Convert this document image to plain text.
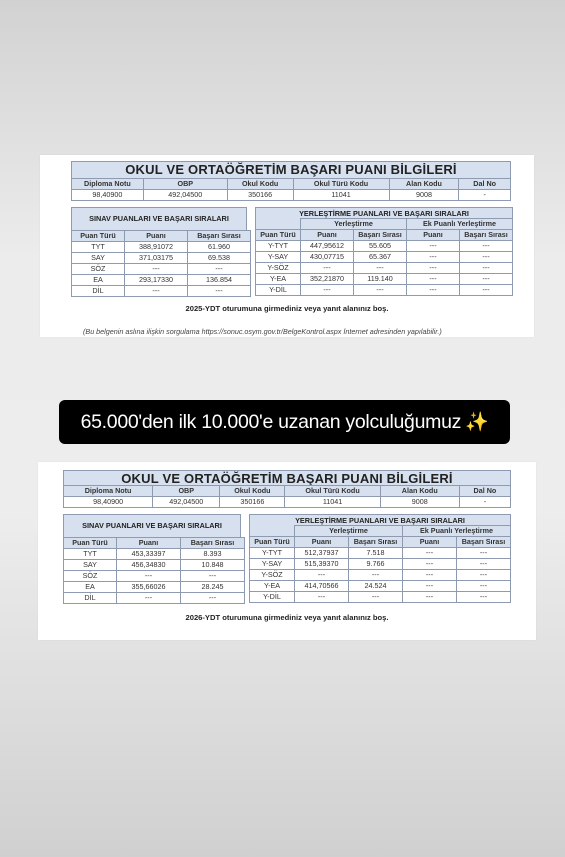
OKUL VE ORTAÖĞRETİM BAŞARI PUANI BİLGİLERİ
Diploma Notu	OBP	Okul Kodu	Okul Türü Kodu	Alan Kodu	Dal No
98,40900	492,04500	350166	11041	9008	-
SINAV PUANLARI VE BAŞARI SIRALARI
Puan Türü	Puanı	Başarı Sırası
TYT	388,91072	61.960
SAY	371,03175	69.538
SÖZ	---	---
EA	293,17330	136.854
DİL	---	---
YERLEŞTİRME PUANLARI VE BAŞARI SIRALARI
	Yerleştirme		Ek Puanlı Yerleştirme	
Puan Türü	Puanı	Başarı Sırası	Puanı	Başarı Sırası
Y-TYT	447,95612	55.605	---	---
Y-SAY	430,07715	65.367	---	---
Y-SÖZ	---	---	---	---
Y-EA	352,21870	119.140	---	---
Y-DİL	---	---	---	---
2025-YDT oturumuna girmediniz veya yanıt alanınız boş.
(Bu belgenin aslına ilişkin sorgulama https://sonuc.osym.gov.tr/BelgeKontrol.aspx İnternet adresinden yapılabilir.)
65.000'den ilk 10.000'e uzanan yolculuğumuz ✨
OKUL VE ORTAÖĞRETİM BAŞARI PUANI BİLGİLERİ
Diploma Notu	OBP	Okul Kodu	Okul Türü Kodu	Alan Kodu	Dal No
98,40900	492,04500	350166	11041	9008	-
SINAV PUANLARI VE BAŞARI SIRALARI
Puan Türü	Puanı	Başarı Sırası
TYT	453,33397	8.393
SAY	456,34830	10.848
SÖZ	---	---
EA	355,66026	28.245
DİL	---	---
YERLEŞTİRME PUANLARI VE BAŞARI SIRALARI
	Yerleştirme		Ek Puanlı Yerleştirme	
Puan Türü	Puanı	Başarı Sırası	Puanı	Başarı Sırası
Y-TYT	512,37937	7.518	---	---
Y-SAY	515,39370	9.766	---	---
Y-SÖZ	---	---	---	---
Y-EA	414,70566	24.524	---	---
Y-DİL	---	---	---	---
2026-YDT oturumuna girmediniz veya yanıt alanınız boş.
